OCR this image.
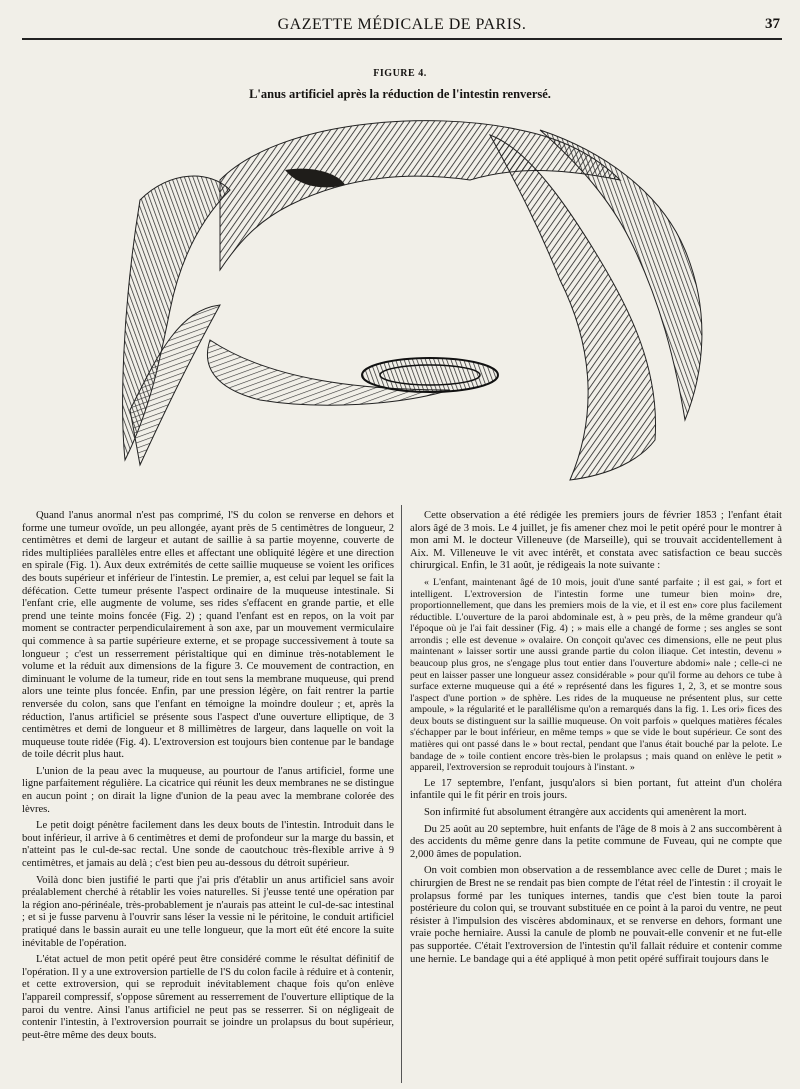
GAZETTE MÉDICALE DE PARIS.	37
FIGURE 4.
L'anus artificiel après la réduction de l'intestin renversé.

Quand l'anus anormal n'est pas comprimé, l'S du colon se renverse en dehors et forme une tumeur ovoïde, un peu allongée, ayant près de 5 centimètres de longueur, 2 centimètres et demi de largeur et autant de saillie à sa partie moyenne, couverte de rides multipliées parallèles entre elles et affectant une obliquité légère et une direction en spirale (Fig. 1). Aux deux extrémités de cette saillie muqueuse se voient les orifices des bouts supérieur et inférieur de l'intestin. Le premier, a, est celui par lequel se fait la défécation. Cette tumeur présente l'aspect ordinaire de la muqueuse intestinale. Si l'enfant crie, elle augmente de volume, ses rides s'effacent en grande partie, et elle prend une teinte moins foncée (Fig. 2) ; quand l'enfant est en repos, on la voit par moment se contracter perpendiculairement à son axe, par un mouvement vermiculaire qui commence à sa partie supérieure externe, et se propage successivement à toute sa longueur ; c'est un resserrement péristaltique qui en diminue très-notablement le volume et la réduit aux dimensions de la figure 3. Ce mouvement de contraction, en diminuant le volume de la tumeur, ride en tout sens la membrane muqueuse, qui prend alors une teinte plus foncée. Enfin, par une pression légère, on fait rentrer la partie renversée du colon, sans que l'enfant en témoigne la moindre douleur ; et, après la réduction, l'anus artificiel se présente sous l'aspect d'une ouverture elliptique, de 3 centimètres et demi de longueur et 8 millimètres de largeur, dans laquelle on voit la muqueuse toute ridée (Fig. 4). L'extroversion est toujours bien contenue par le bandage de toile décrit plus haut.

L'union de la peau avec la muqueuse, au pourtour de l'anus artificiel, forme une ligne parfaitement régulière. La cicatrice qui réunit les deux membranes ne se distingue en aucun point ; on dirait la ligne d'union de la peau avec la membrane colorée des lèvres.

Le petit doigt pénètre facilement dans les deux bouts de l'intestin. Introduit dans le bout inférieur, il arrive à 6 centimètres et demi de profondeur sur la marge du bassin, et n'atteint pas le cul-de-sac rectal. Une sonde de caoutchouc très-flexible arrive à 9 centimètres, et jamais au delà ; c'est bien peu au-dessous du détroit supérieur.

Voilà donc bien justifié le parti que j'ai pris d'établir un anus artificiel sans avoir préalablement cherché à rétablir les voies naturelles. Si j'eusse tenté une opération par la région ano-périnéale, très-probablement je n'aurais pas atteint le cul-de-sac intestinal ; et si je fusse parvenu à l'ouvrir sans léser la vessie ni le péritoine, le conduit artificiel pratiqué dans le bassin aurait eu une telle longueur, que la mort eût été encore la suite inévitable de l'opération.

L'état actuel de mon petit opéré peut être considéré comme le résultat définitif de l'opération. Il y a une extroversion partielle de l'S du colon facile à réduire et à contenir, et cette extroversion, qui se reproduit inévitablement chaque fois qu'on enlève l'appareil compressif, s'oppose sûrement au resserrement de l'ouverture elliptique de la paroi du ventre. Ainsi l'anus artificiel ne peut pas se resserrer. Si on négligeait de contenir l'intestin, à l'extroversion pourrait se joindre un prolapsus du bout supérieur, peut-être même des deux bouts.

Cette observation a été rédigée les premiers jours de février 1853 ; l'enfant était alors âgé de 3 mois. Le 4 juillet, je fis amener chez moi le petit opéré pour le montrer à mon ami M. le docteur Villeneuve (de Marseille), qui se trouvait accidentellement à Aix. M. Villeneuve le vit avec intérêt, et constata avec satisfaction ce beau succès chirurgical. Enfin, le 31 août, je rédigeais la note suivante :

« L'enfant, maintenant âgé de 10 mois, jouit d'une santé parfaite ; il est gai, » fort et intelligent. L'extroversion de l'intestin forme une tumeur bien moin» dre, proportionnellement, que dans les premiers mois de la vie, et il est en» core plus facilement réductible. L'ouverture de la paroi abdominale est, à » peu près, de la même grandeur qu'à l'époque où je l'ai fait dessiner (Fig. 4) ; » mais elle a changé de forme ; ses angles se sont arrondis ; elle est devenue » ovalaire. On conçoit qu'avec ces dimensions, elle ne peut plus maintenant » laisser sortir une aussi grande partie du colon iliaque. Cet intestin, devenu » beaucoup plus gros, ne s'engage plus tout entier dans l'ouverture abdomi» nale ; celle-ci ne peut en laisser passer une longueur assez considérable » pour qu'il forme au dehors ce tube à surface externe muqueuse qui a été » représenté dans les figures 1, 2, 3, et se montre sous l'aspect d'une portion » de sphère. Les rides de la muqueuse ne présentent plus, sur cette ampoule, » la régularité et le parallélisme qu'on a remarqués dans la fig. 1. Les ori» fices des deux bouts se distinguent sur la saillie muqueuse. On voit parfois » quelques matières fécales s'échapper par le bout inférieur, en même temps » que se vide le bout supérieur. Ce sont des matières qui ont passé dans le » bout rectal, pendant que l'anus était bouché par la pelote. Le bandage de » toile contient encore très-bien le prolapsus ; mais quand on enlève le petit » appareil, l'extroversion se reproduit toujours à l'instant. »

Le 17 septembre, l'enfant, jusqu'alors si bien portant, fut atteint d'un choléra infantile qui le fit périr en trois jours.

Son infirmité fut absolument étrangère aux accidents qui amenèrent la mort.

Du 25 août au 20 septembre, huit enfants de l'âge de 8 mois à 2 ans succombèrent à des accidents du même genre dans la petite commune de Fuveau, qui ne compte que 2,000 âmes de population.

On voit combien mon observation a de ressemblance avec celle de Duret ; mais le chirurgien de Brest ne se rendait pas bien compte de l'état réel de l'intestin : il croyait le prolapsus formé par les tuniques internes, tandis que c'est bien toute la paroi postérieure du colon qui, se trouvant substituée en ce point à la paroi du ventre, ne peut résister à l'impulsion des viscères abdominaux, et se renverse en dehors, formant une vraie poche herniaire. Aussi la canule de plomb ne pouvait-elle convenir et ne fut-elle pas supportée. C'était l'extroversion de l'intestin qu'il fallait réduire et contenir comme une hernie. Le bandage qui a été appliqué à mon petit opéré suffirait toujours dans le
